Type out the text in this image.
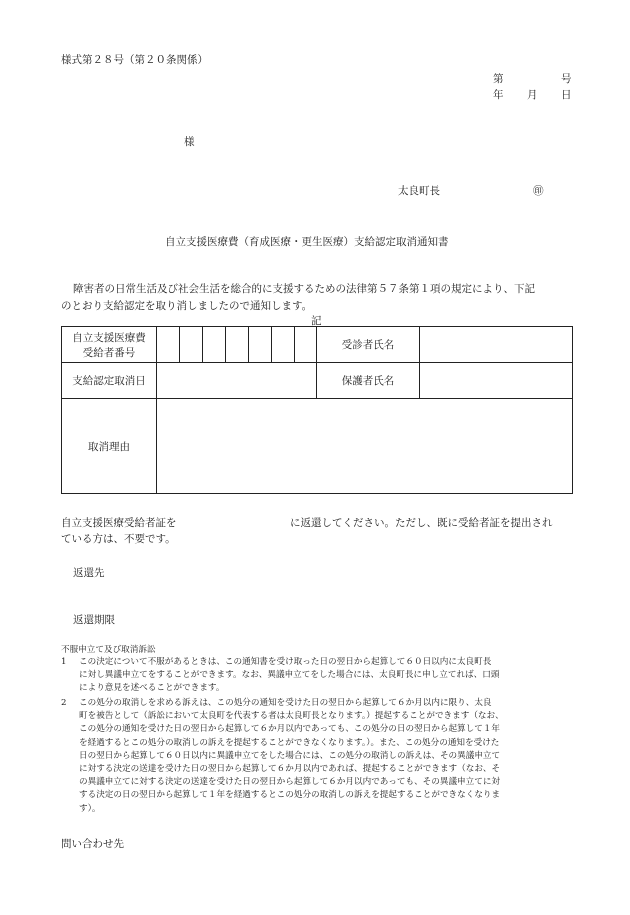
様式第２８号（第２０条関係）
第	号
年 月 日
様
太良町長	㊞
自立支援医療費（育成医療・更生医療）支給認定取消通知書
障害者の日常生活及び社会生活を総合的に支援するための法律第５７条第１項の規定により、下記
のとおり支給認定を取り消しましたので通知します。
記
自立支援医療費
受給者番号								受診者氏名	
支給認定取消日								保護者氏名	
取消理由									
自立支援医療受給者証を	に返還してください。ただし、既に受給者証を提出され
ている方は、不要です。
返還先
返還期限
不服申立て及び取消訴訟
1	この決定について不服があるときは、この通知書を受け取った日の翌日から起算して６０日以内に太良町長
に対し異議申立てをすることができます。なお、異議申立てをした場合には、太良町長に申し立てれば、口頭
により意見を述べることができます。
2	この処分の取消しを求める訴えは、この処分の通知を受けた日の翌日から起算して６か月以内に限り、太良
町を被告として（訴訟において太良町を代表する者は太良町長となります。）提起することができます（なお、
この処分の通知を受けた日の翌日から起算して６か月以内であっても、この処分の日の翌日から起算して１年
を経過するとこの処分の取消しの訴えを提起することができなくなります。）。また、この処分の通知を受けた
日の翌日から起算して６０日以内に異議申立てをした場合には、この処分の取消しの訴えは、その異議申立て
に対する決定の送達を受けた日の翌日から起算して６か月以内であれば、提起することができます（なお、そ
の異議申立てに対する決定の送達を受けた日の翌日から起算して６か月以内であっても、その異議申立てに対
する決定の日の翌日から起算して１年を経過するとこの処分の取消しの訴えを提起することができなくなりま
す）。
問い合わせ先
